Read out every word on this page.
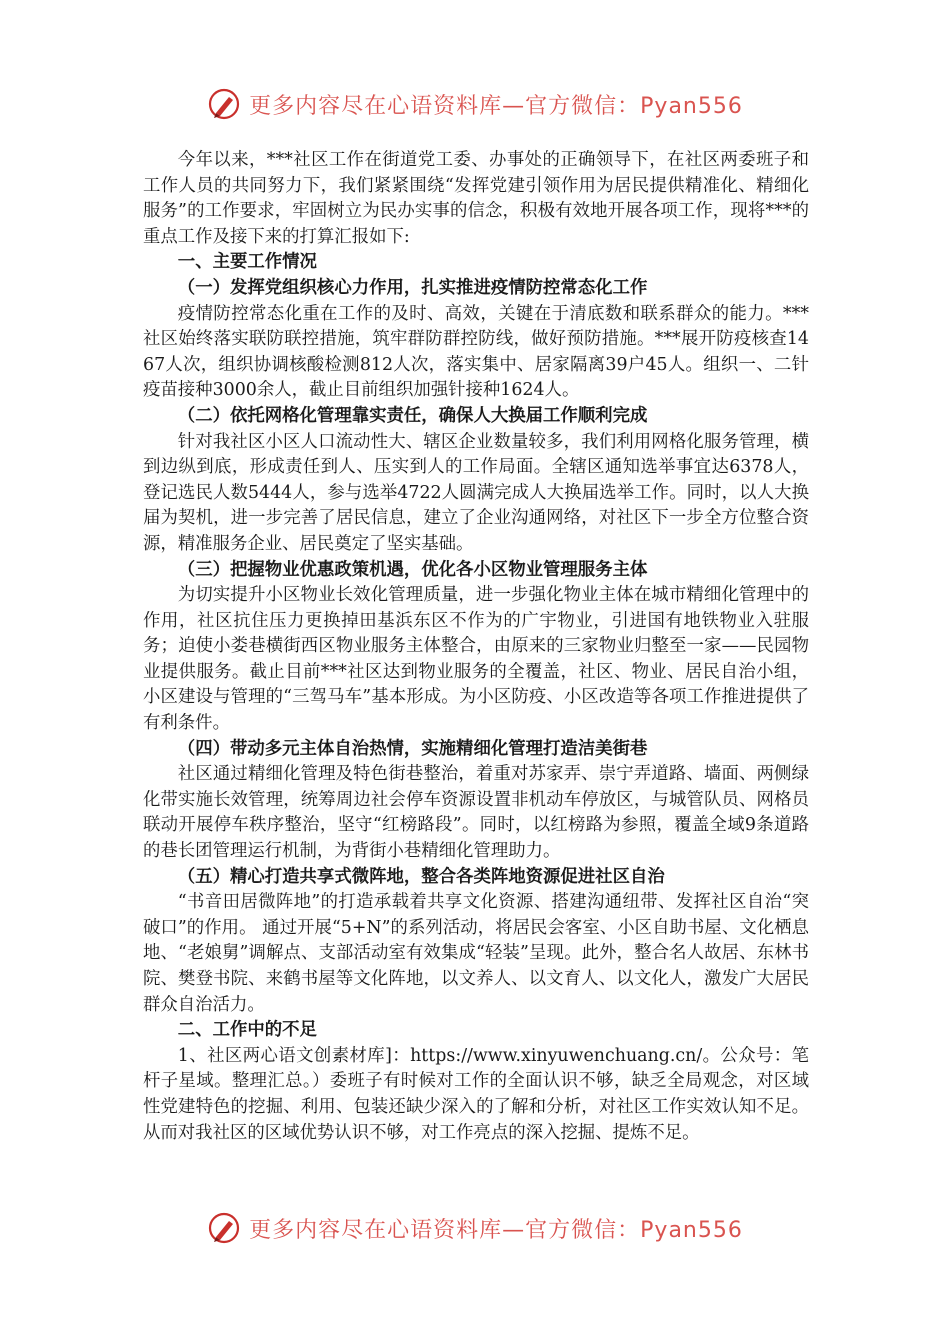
更多内容尽在心语资料库—官方微信：Pyan556

今年以来，***社区工作在街道党工委、办事处的正确领导下，在社区两委班子和工作人员的共同努力下，我们紧紧围绕“发挥党建引领作用为居民提供精准化、精细化服务”的工作要求，牢固树立为民办实事的信念，积极有效地开展各项工作，现将***的重点工作及接下来的打算汇报如下:

一、主要工作情况

（一）发挥党组织核心力作用，扎实推进疫情防控常态化工作

疫情防控常态化重在工作的及时、高效，关键在于清底数和联系群众的能力。***社区始终落实联防联控措施，筑牢群防群控防线，做好预防措施。***展开防疫核查1467人次，组织协调核酸检测812人次，落实集中、居家隔离39户45人。组织一、二针疫苗接种3000余人，截止目前组织加强针接种1624人。

（二）依托网格化管理靠实责任，确保人大换届工作顺利完成

针对我社区小区人口流动性大、辖区企业数量较多，我们利用网格化服务管理，横到边纵到底，形成责任到人、压实到人的工作局面。全辖区通知选举事宜达6378人，登记选民人数5444人，参与选举4722人圆满完成人大换届选举工作。同时，以人大换届为契机，进一步完善了居民信息，建立了企业沟通网络，对社区下一步全方位整合资源，精准服务企业、居民奠定了坚实基础。

（三）把握物业优惠政策机遇，优化各小区物业管理服务主体

为切实提升小区物业长效化管理质量，进一步强化物业主体在城市精细化管理中的作用，社区抗住压力更换掉田基浜东区不作为的广宇物业，引进国有地铁物业入驻服务；迫使小娄巷横街西区物业服务主体整合，由原来的三家物业归整至一家——民园物业提供服务。截止目前***社区达到物业服务的全覆盖，社区、物业、居民自治小组，小区建设与管理的“三驾马车”基本形成。为小区防疫、小区改造等各项工作推进提供了有利条件。

（四）带动多元主体自治热情，实施精细化管理打造洁美街巷

社区通过精细化管理及特色街巷整治，着重对苏家弄、崇宁弄道路、墙面、两侧绿化带实施长效管理，统筹周边社会停车资源设置非机动车停放区，与城管队员、网格员联动开展停车秩序整治，坚守“红榜路段”。同时，以红榜路为参照，覆盖全域9条道路的巷长团管理运行机制，为背街小巷精细化管理助力。

（五）精心打造共享式微阵地，整合各类阵地资源促进社区自治

“书音田居微阵地”的打造承载着共享文化资源、搭建沟通纽带、发挥社区自治“突破口”的作用。 通过开展“5+N”的系列活动，将居民会客室、小区自助书屋、文化栖息地、“老娘舅”调解点、支部活动室有效集成“轻装”呈现。此外，整合名人故居、东林书院、樊登书院、来鹤书屋等文化阵地，以文养人、以文育人、以文化人，激发广大居民群众自治活力。

二、工作中的不足

1、社区两心语文创素材库]：https://www.xinyuwenchuang.cn/。公众号：笔杆子星域。整理汇总。）委班子有时候对工作的全面认识不够，缺乏全局观念，对区域性党建特色的挖掘、利用、包装还缺少深入的了解和分析，对社区工作实效认知不足。从而对我社区的区域优势认识不够，对工作亮点的深入挖掘、提炼不足。

更多内容尽在心语资料库—官方微信：Pyan556
